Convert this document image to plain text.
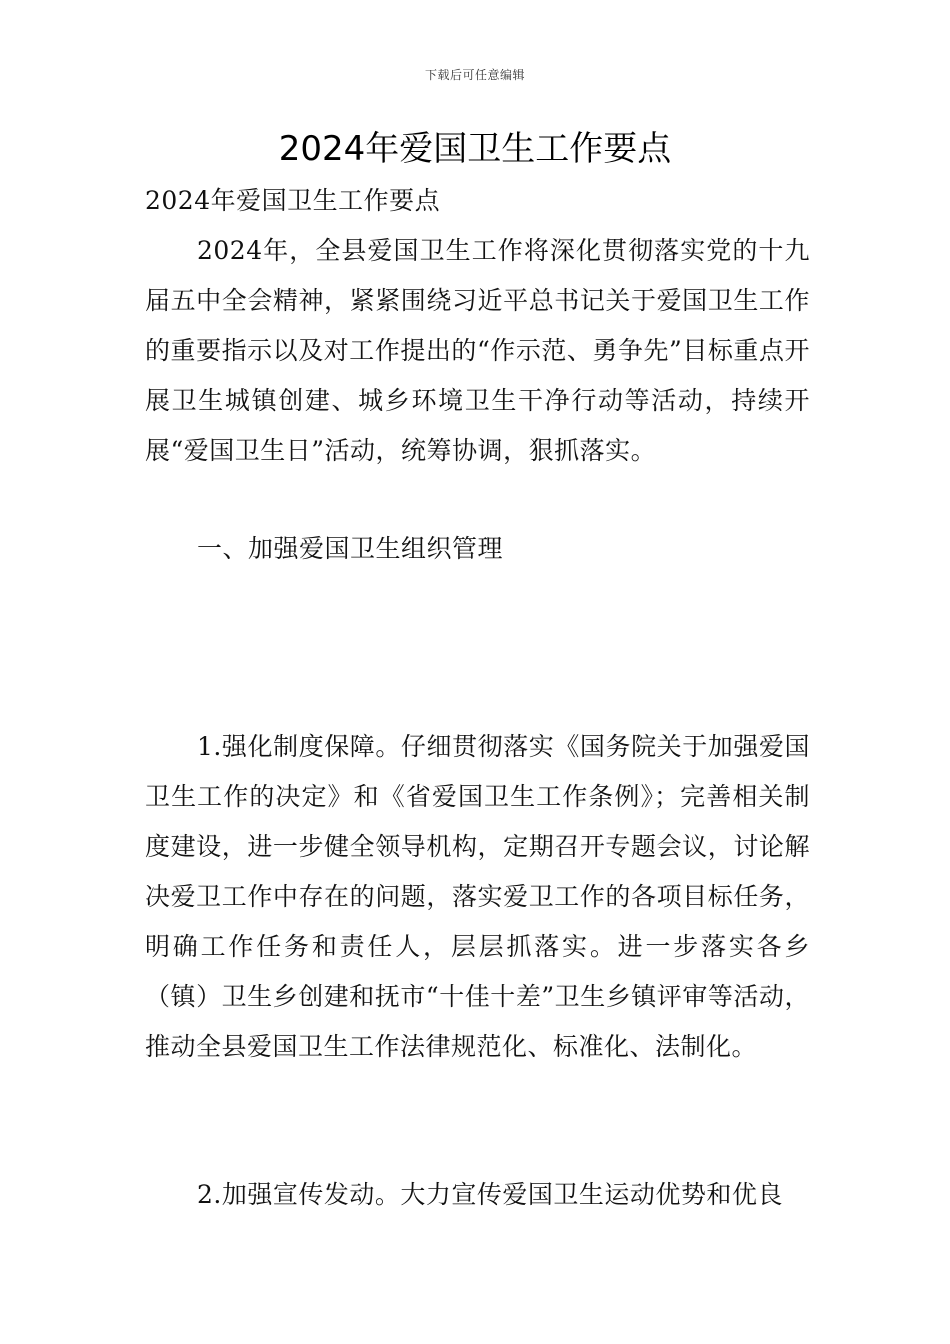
下载后可任意编辑
2024年爱国卫生工作要点

2024年爱国卫生工作要点

2024年，全县爱国卫生工作将深化贯彻落实党的十九届五中全会精神，紧紧围绕习近平总书记关于爱国卫生工作的重要指示以及对工作提出的“作示范、勇争先”目标重点开展卫生城镇创建、城乡环境卫生干净行动等活动，持续开展“爱国卫生日”活动，统筹协调，狠抓落实。

一、加强爱国卫生组织管理

1.强化制度保障。仔细贯彻落实《国务院关于加强爱国卫生工作的决定》和《省爱国卫生工作条例》；完善相关制度建设，进一步健全领导机构，定期召开专题会议，讨论解决爱卫工作中存在的问题，落实爱卫工作的各项目标任务，明确工作任务和责任人，层层抓落实。进一步落实各乡（镇）卫生乡创建和抚市“十佳十差”卫生乡镇评审等活动，推动全县爱国卫生工作法律规范化、标准化、法制化。

2.加强宣传发动。大力宣传爱国卫生运动优势和优良
